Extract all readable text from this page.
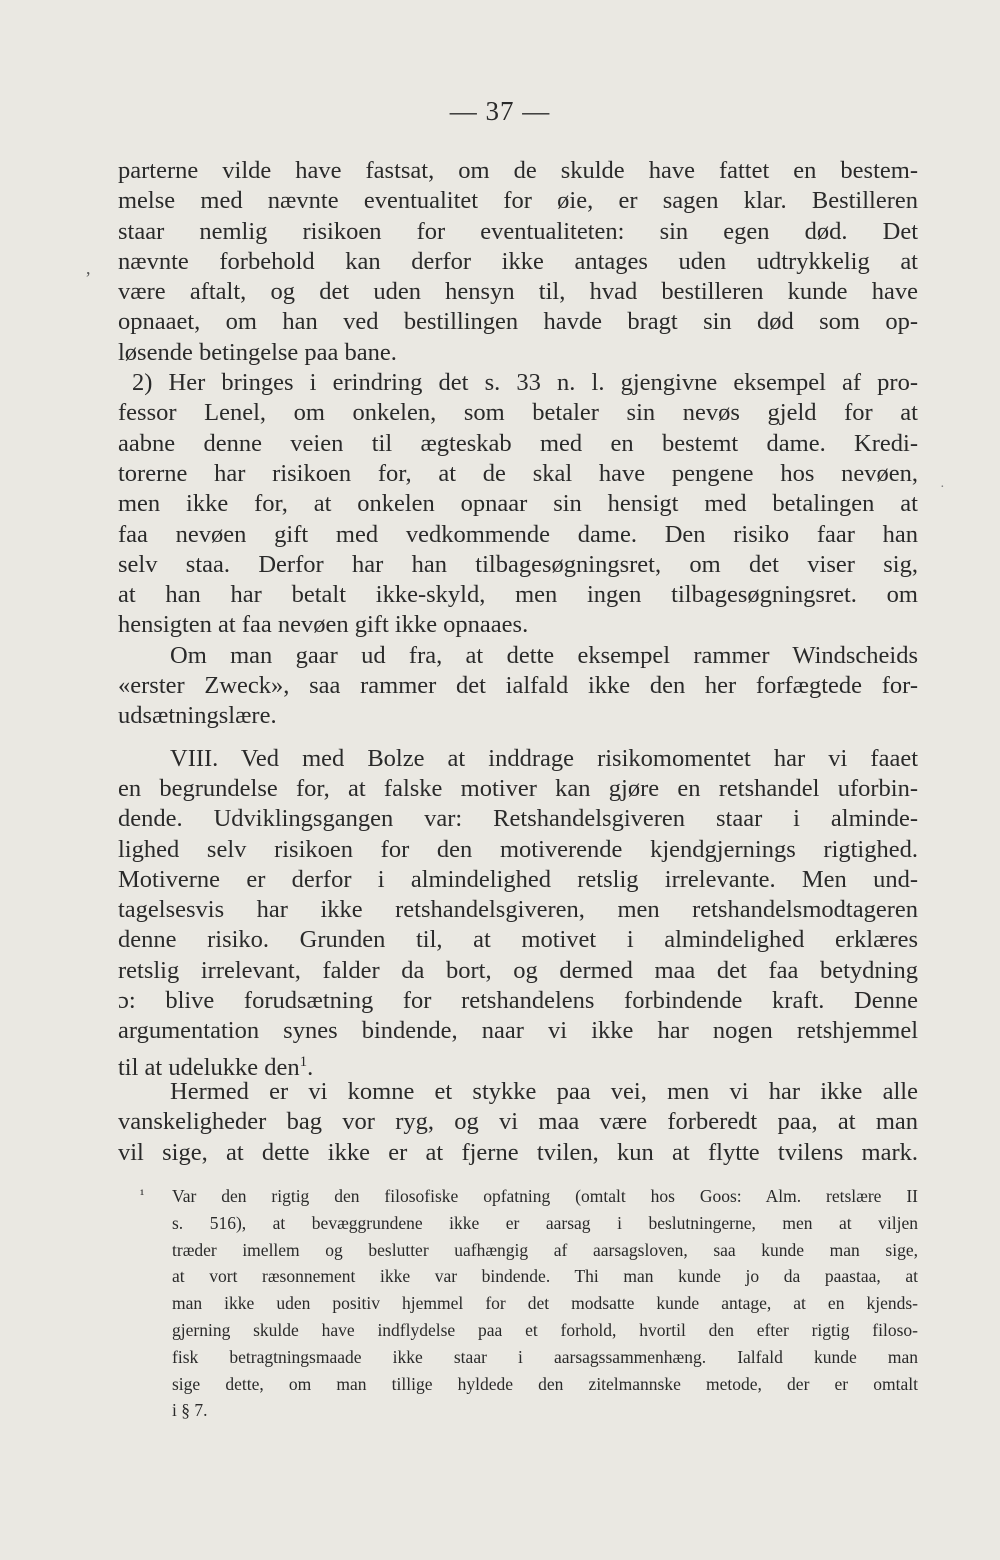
— 37 —
,
·
parterne vilde have fastsat, om de skulde have fattet en bestem-
melse med nævnte eventualitet for øie, er sagen klar. Bestilleren
staar nemlig risikoen for eventualiteten: sin egen død. Det
nævnte forbehold kan derfor ikke antages uden udtrykkelig at
være aftalt, og det uden hensyn til, hvad bestilleren kunde have
opnaaet, om han ved bestillingen havde bragt sin død som op-
løsende betingelse paa bane.
2) Her bringes i erindring det s. 33 n. l. gjengivne eksempel af pro-
fessor Lenel, om onkelen, som betaler sin nevøs gjeld for at
aabne denne veien til ægteskab med en bestemt dame. Kredi-
torerne har risikoen for, at de skal have pengene hos nevøen,
men ikke for, at onkelen opnaar sin hensigt med betalingen at
faa nevøen gift med vedkommende dame. Den risiko faar han
selv staa. Derfor har han tilbagesøgningsret, om det viser sig,
at han har betalt ikke-skyld, men ingen tilbagesøgningsret. om
hensigten at faa nevøen gift ikke opnaaes.
Om man gaar ud fra, at dette eksempel rammer Windscheids
«erster Zweck», saa rammer det ialfald ikke den her forfægtede for-
udsætningslære.
VIII. Ved med Bolze at inddrage risikomomentet har vi faaet
en begrundelse for, at falske motiver kan gjøre en retshandel uforbin-
dende. Udviklingsgangen var: Retshandelsgiveren staar i alminde-
lighed selv risikoen for den motiverende kjendgjernings rigtighed.
Motiverne er derfor i almindelighed retslig irrelevante. Men und-
tagelsesvis har ikke retshandelsgiveren, men retshandelsmodtageren
denne risiko. Grunden til, at motivet i almindelighed erklæres
retslig irrelevant, falder da bort, og dermed maa det faa betydning
ɔ: blive forudsætning for retshandelens forbindende kraft. Denne
argumentation synes bindende, naar vi ikke har nogen retshjemmel
til at udelukke den$^1$.
Hermed er vi komne et stykke paa vei, men vi har ikke alle
vanskeligheder bag vor ryg, og vi maa være forberedt paa, at man
vil sige, at dette ikke er at fjerne tvilen, kun at flytte tvilens mark.
¹ Var den rigtig den filosofiske opfatning (omtalt hos Goos: Alm. retslære II
s. 516), at bevæggrundene ikke er aarsag i beslutningerne, men at viljen
træder imellem og beslutter uafhængig af aarsagsloven, saa kunde man sige,
at vort ræsonnement ikke var bindende. Thi man kunde jo da paastaa, at
man ikke uden positiv hjemmel for det modsatte kunde antage, at en kjends-
gjerning skulde have indflydelse paa et forhold, hvortil den efter rigtig filoso-
fisk betragtningsmaade ikke staar i aarsagssammenhæng. Ialfald kunde man
sige dette, om man tillige hyldede den zitelmannske metode, der er omtalt
i § 7.
